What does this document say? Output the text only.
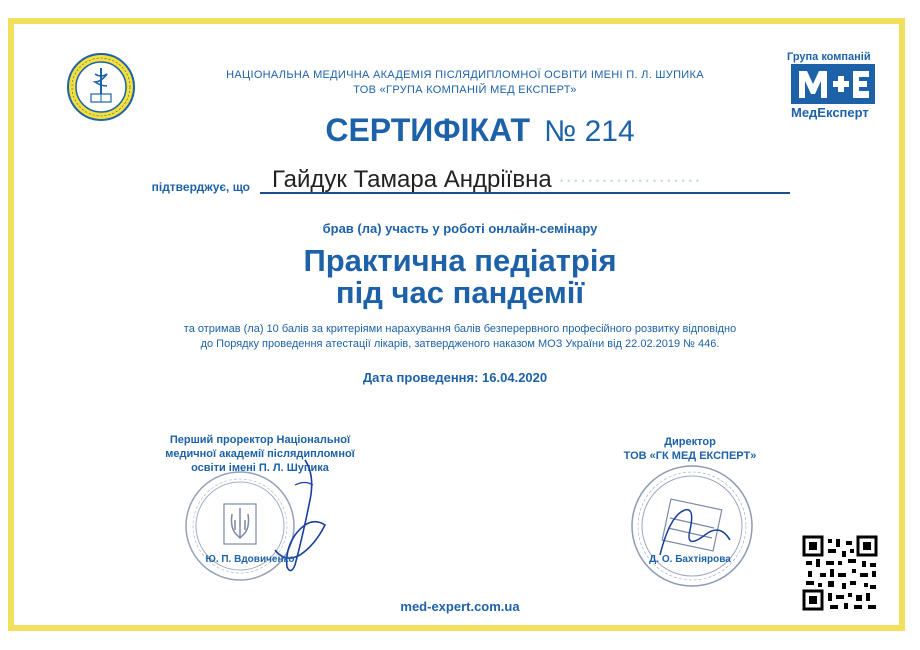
НАЦІОНАЛЬНА МЕДИЧНА АКАДЕМІЯ ПІСЛЯДИПЛОМНОЇ ОСВІТИ ІМЕНІ П. Л. ШУПИКА
ТОВ «ГРУПА КОМПАНІЙ МЕД ЕКСПЕРТ»
Група компаній
МедЕксперт
СЕРТИФІКАТ № 214
підтверджує, що	••••••••••••••••••••
Гайдук Тамара Андріївна
брав (ла) участь у роботі онлайн-семінару
Практична педіатрія
під час пандемії
та отримав (ла) 10 балів за критеріями нарахування балів безперервного професійного розвитку відповідно
до Порядку проведення атестації лікарів, затвердженого наказом МОЗ України від 22.02.2019 № 446.
Дата проведення: 16.04.2020
Перший проректор Національної
медичної академії післядипломної
освіти імені П. Л. Шупика
Ю. П. Вдовиченко
Директор
ТОВ «ГК МЕД ЕКСПЕРТ»
Д. О. Бахтіярова
med-expert.com.ua
